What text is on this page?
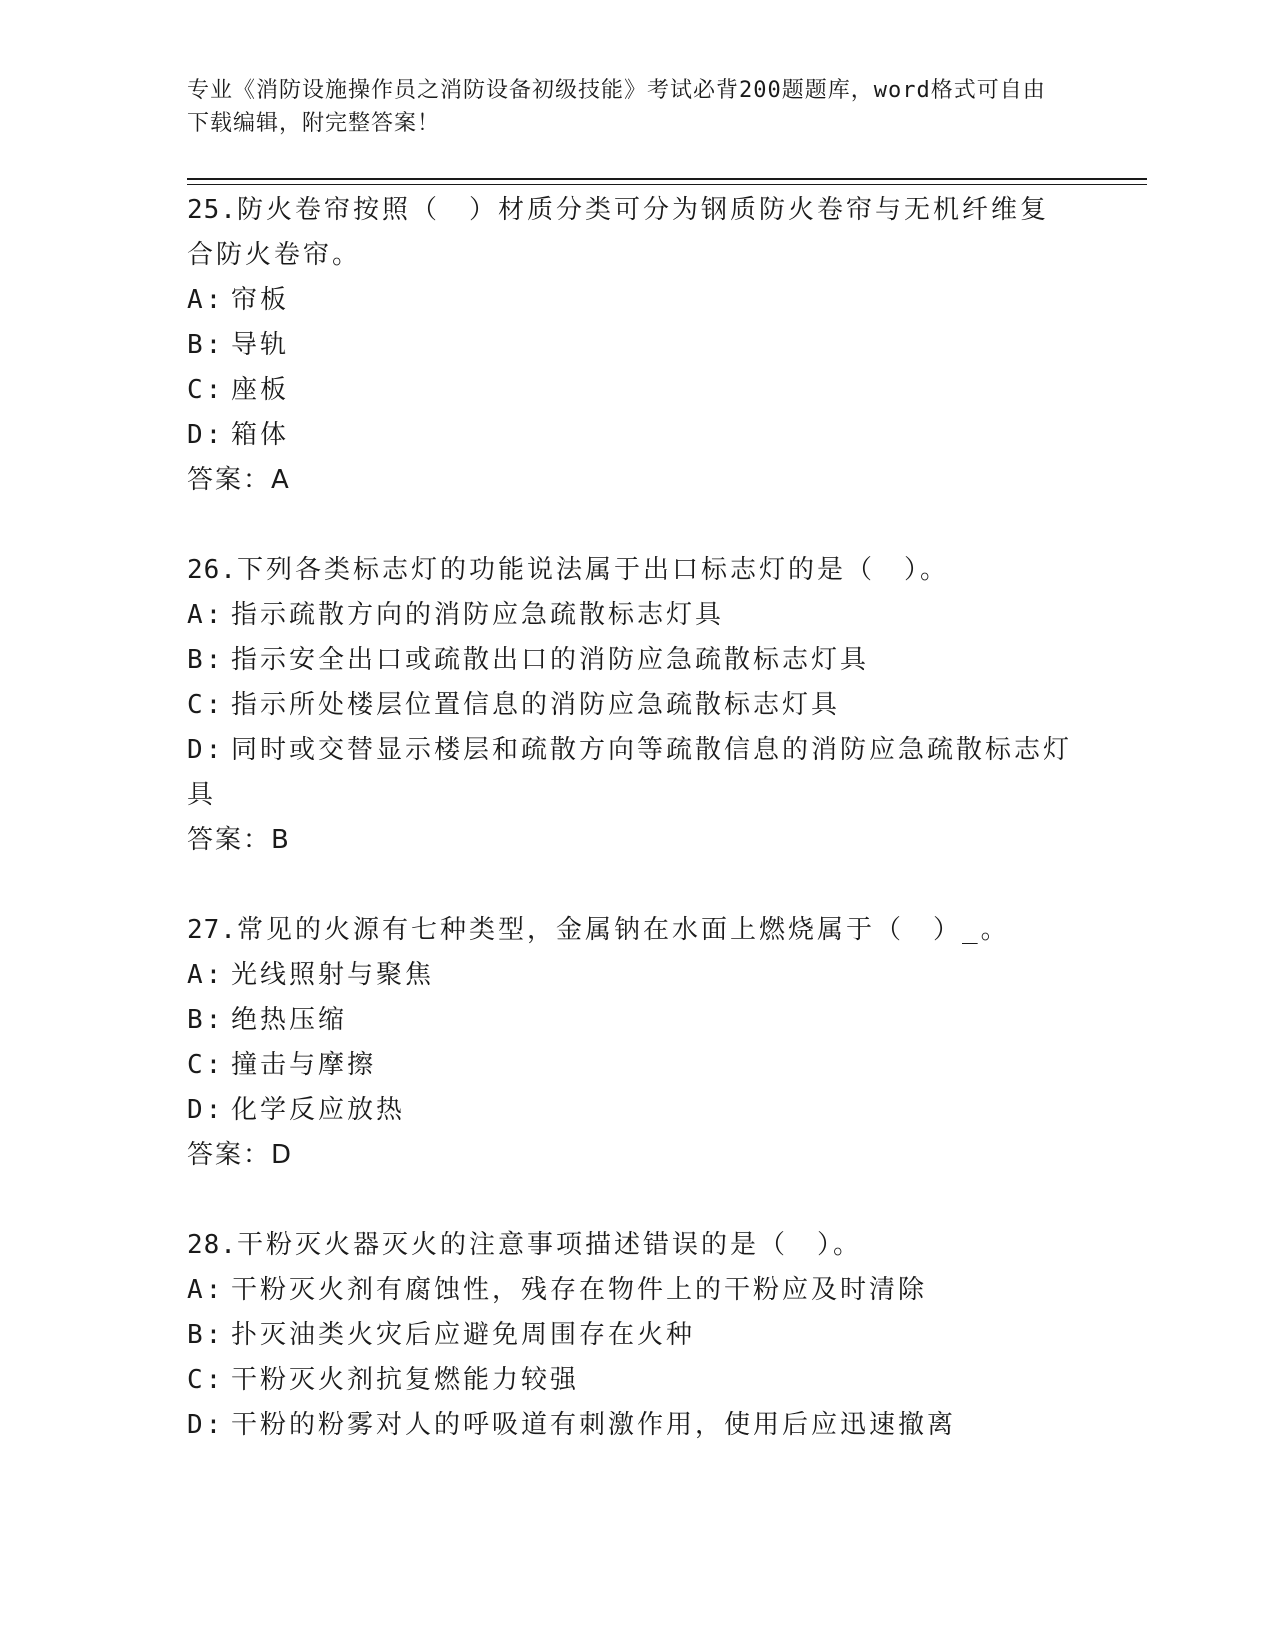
专业《消防设施操作员之消防设备初级技能》考试必背200题题库，word格式可自由下载编辑，附完整答案！
25.防火卷帘按照（　）材质分类可分为钢质防火卷帘与无机纤维复合防火卷帘。
A: 帘板
B: 导轨
C: 座板
D: 箱体
答案：A
26.下列各类标志灯的功能说法属于出口标志灯的是（　）。
A: 指示疏散方向的消防应急疏散标志灯具
B: 指示安全出口或疏散出口的消防应急疏散标志灯具
C: 指示所处楼层位置信息的消防应急疏散标志灯具
D: 同时或交替显示楼层和疏散方向等疏散信息的消防应急疏散标志灯具
答案：B
27.常见的火源有七种类型，金属钠在水面上燃烧属于（　）_。
A: 光线照射与聚焦
B: 绝热压缩
C: 撞击与摩擦
D: 化学反应放热
答案：D
28.干粉灭火器灭火的注意事项描述错误的是（　）。
A: 干粉灭火剂有腐蚀性，残存在物件上的干粉应及时清除
B: 扑灭油类火灾后应避免周围存在火种
C: 干粉灭火剂抗复燃能力较强
D: 干粉的粉雾对人的呼吸道有刺激作用，使用后应迅速撤离
